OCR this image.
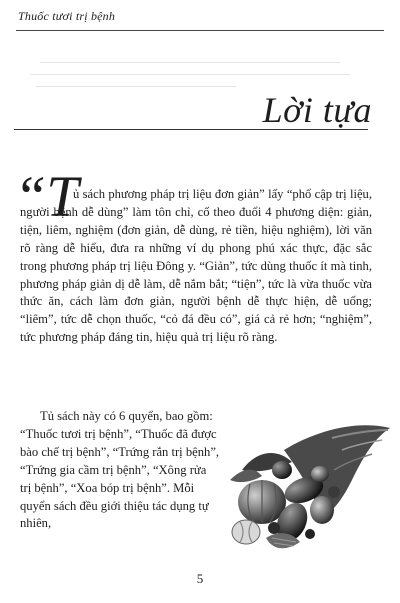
Thuốc tươi trị bệnh
Lời tựa
“T

ủ sách phương pháp trị liệu đơn giản” lấy “phổ cập trị liệu, người bệnh dễ dùng” làm tôn chỉ, cố theo đuổi 4 phương diện: giản, tiện, liêm, nghiệm (đơn giản, dễ dùng, rẻ tiền, hiệu nghiệm), lời văn rõ ràng dễ hiểu, đưa ra những ví dụ phong phú xác thực, đặc sắc trong phương pháp trị liệu Đông y. “Giản”, tức dùng thuốc ít mà tinh, phương pháp giản dị dễ làm, dễ nắm bắt; “tiện”, tức là vừa thuốc vừa thức ăn, cách làm đơn giản, người bệnh dễ thực hiện, dễ uống; “liêm”, tức dễ chọn thuốc, “cỏ đá đều có”, giá cả rẻ hơn; “nghiệm”, tức phương pháp đáng tin, hiệu quả trị liệu rõ ràng.

Tủ sách này có 6 quyển, bao gồm: “Thuốc tươi trị bệnh”, “Thuốc đã được bào chế trị bệnh”, “Trứng rắn trị bệnh”, “Trứng gia cầm trị bệnh”, “Xông rửa trị bệnh”, “Xoa bóp trị bệnh”. Mỗi quyển sách đều giới thiệu tác dụng tự nhiên,

5
